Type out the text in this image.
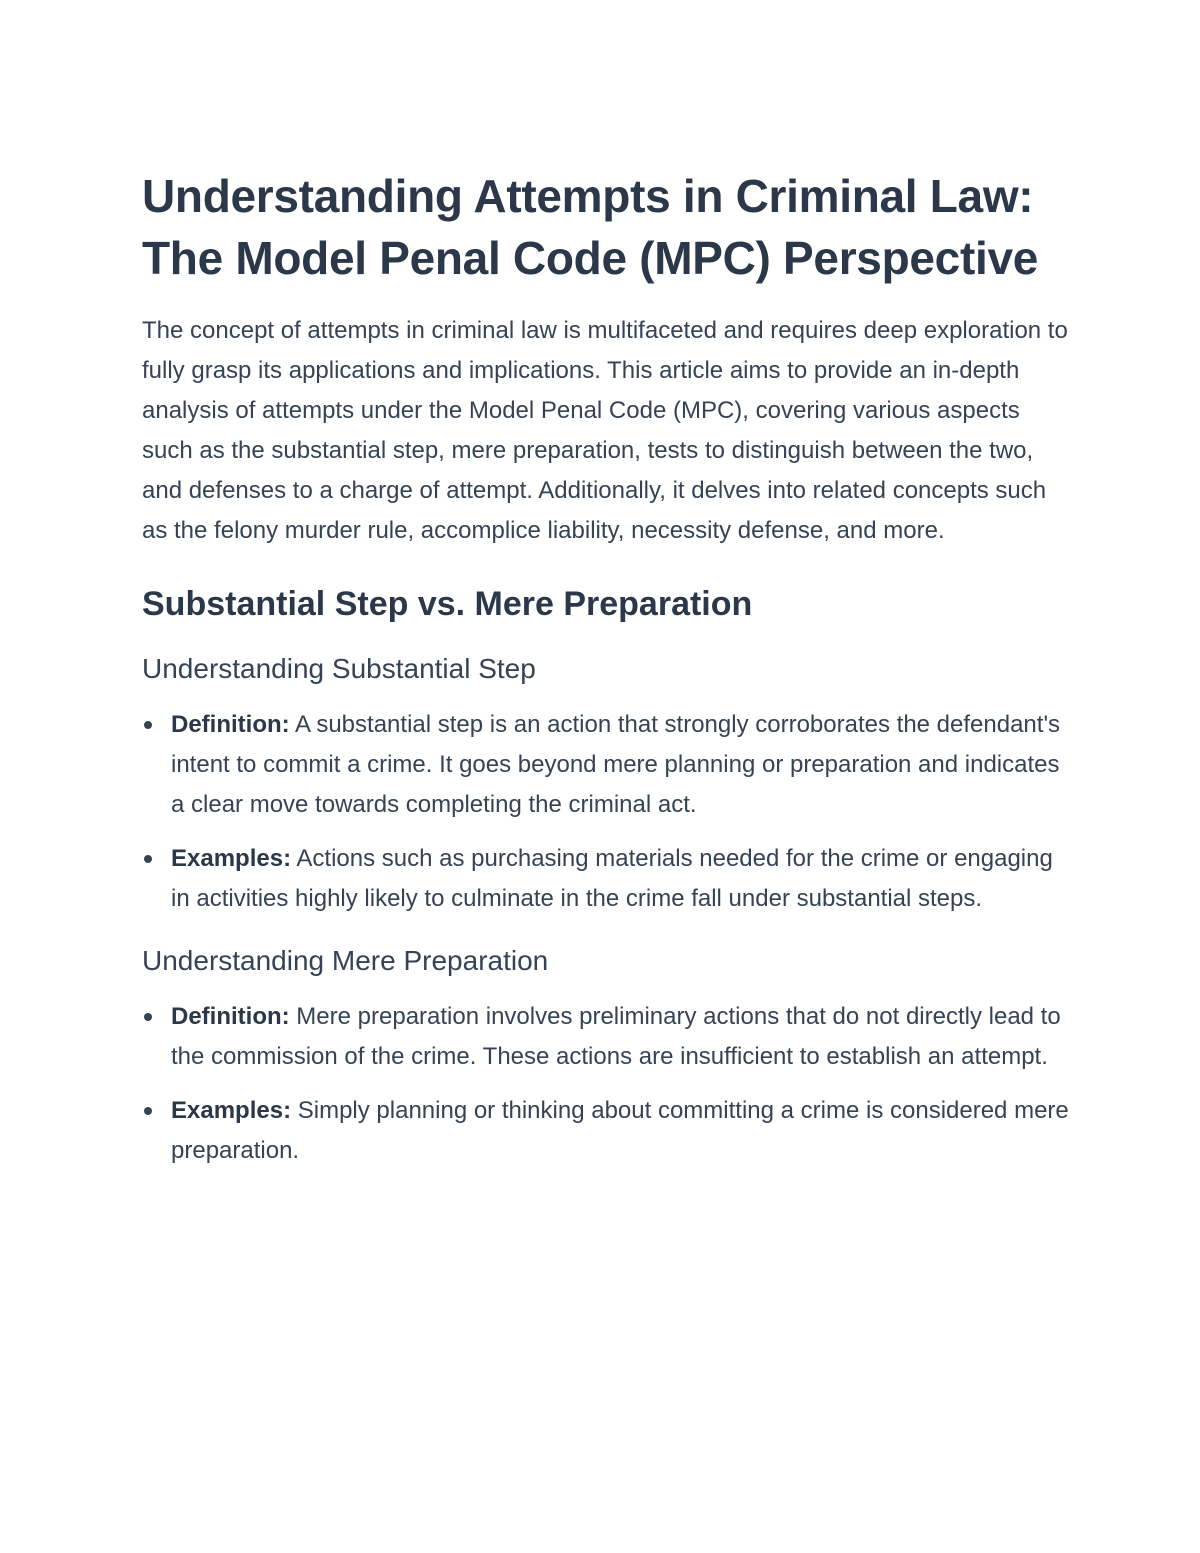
Understanding Attempts in Criminal Law: The Model Penal Code (MPC) Perspective

The concept of attempts in criminal law is multifaceted and requires deep exploration to fully grasp its applications and implications. This article aims to provide an in-depth analysis of attempts under the Model Penal Code (MPC), covering various aspects such as the substantial step, mere preparation, tests to distinguish between the two, and defenses to a charge of attempt. Additionally, it delves into related concepts such as the felony murder rule, accomplice liability, necessity defense, and more.

Substantial Step vs. Mere Preparation
Understanding Substantial Step
Definition: A substantial step is an action that strongly corroborates the defendant's intent to commit a crime. It goes beyond mere planning or preparation and indicates a clear move towards completing the criminal act.
Examples: Actions such as purchasing materials needed for the crime or engaging in activities highly likely to culminate in the crime fall under substantial steps.
Understanding Mere Preparation
Definition: Mere preparation involves preliminary actions that do not directly lead to the commission of the crime. These actions are insufficient to establish an attempt.
Examples: Simply planning or thinking about committing a crime is considered mere preparation.
